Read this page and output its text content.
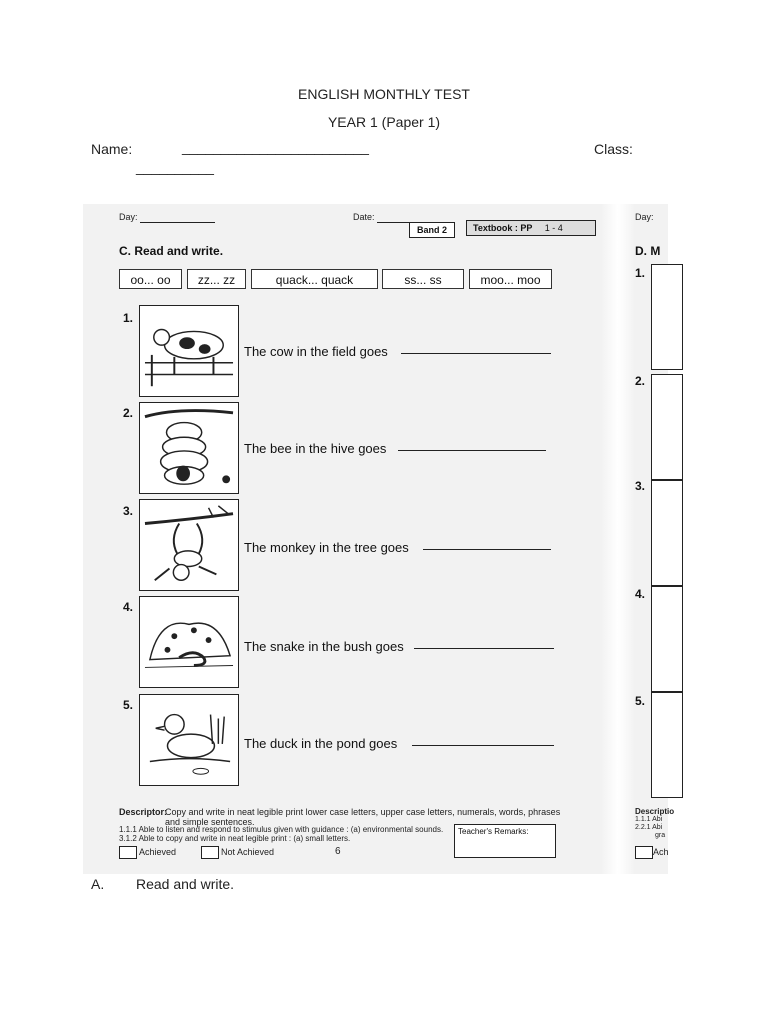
ENGLISH MONTHLY TEST
YEAR 1 (Paper 1)
Name:	________________________	Class:
__________
Day:	Date:
Band 2	Textbook : PP 1 - 4
C. Read and write.
oo... oo	zz... zz	quack... quack	ss... ss	moo... moo
1.
The cow in the field goes
2.
The bee in the hive goes
3.
The monkey in the tree goes
4.
The snake in the bush goes
5.
The duck in the pond goes
Descriptor:
Copy and write in neat legible print lower case letters, upper case letters, numerals, words, phrases and simple sentences.
1.1.1 Able to listen and respond to stimulus given with guidance : (a) environmental sounds.
3.1.2 Able to copy and write in neat legible print : (a) small letters.
Teacher's Remarks:
Achieved	Not Achieved	6
Day:
D. M
1.
2.
3.
4.
5.
Descriptio
1.1.1 Abi
2.2.1 Abi
gra
Ach
A. Read and write.
